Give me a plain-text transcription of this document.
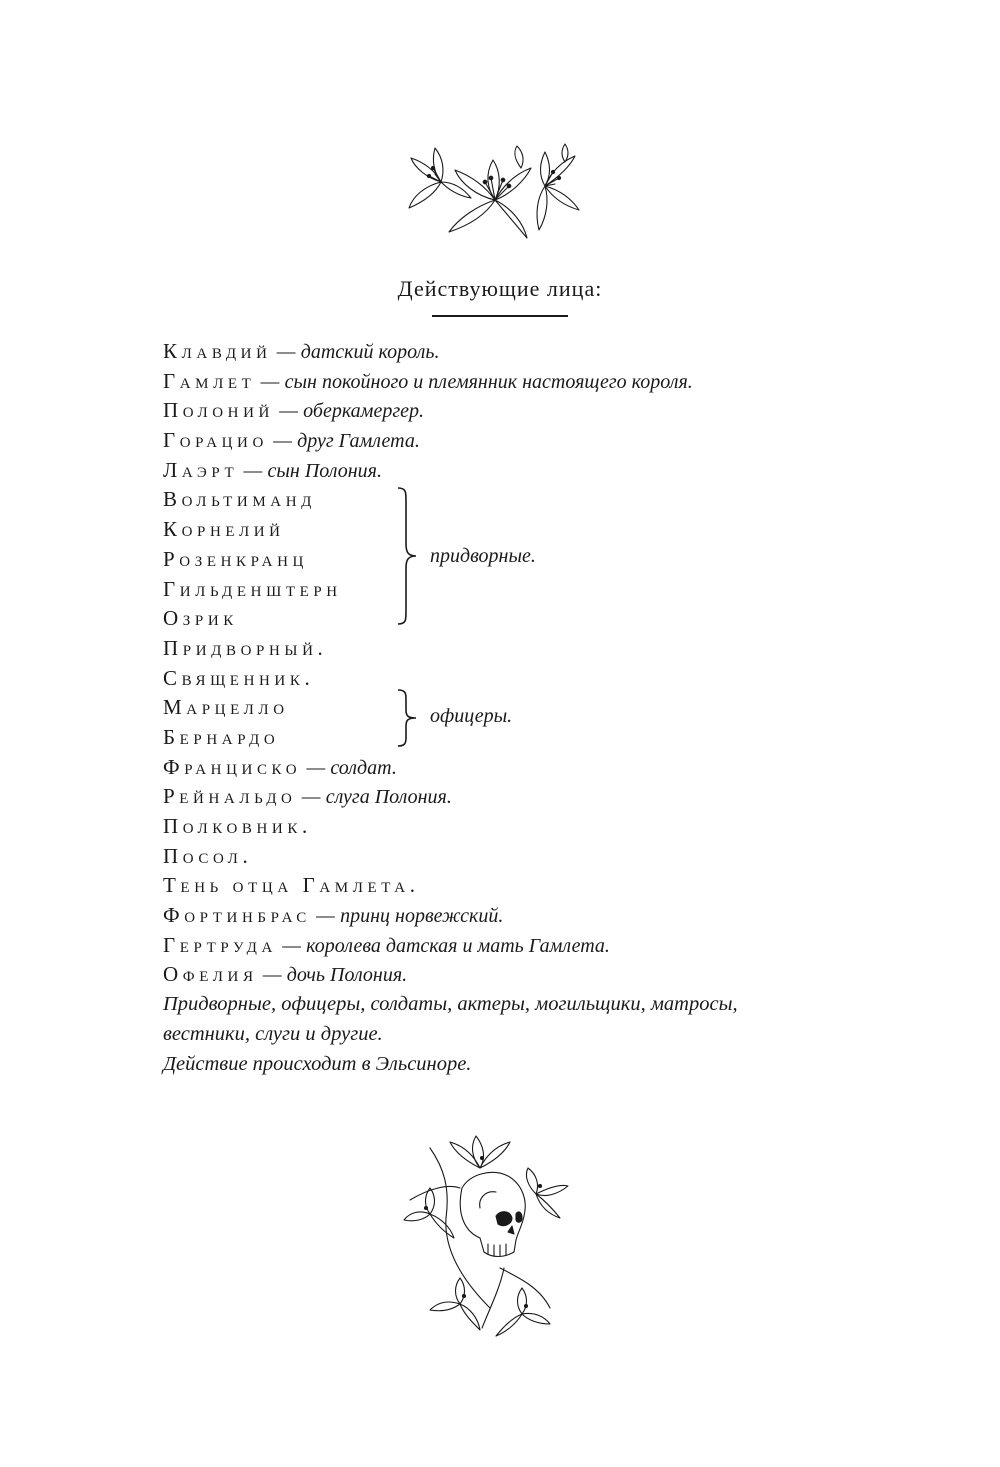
Действующие лица:
Клавдий — датский король.
Гамлет — сын покойного и племянник настоящего короля.
Полоний — оберкамергер.
Горацио — друг Гамлета.
Лаэрт — сын Полония.
Вольтиманд
Корнелий
Розенкранц
Гильденштерн
Озрик
Придворный.
Священник.
Марцелло
Бернардо
Франциско — солдат.
Рейнальдо — слуга Полония.
Полковник.
Посол.
Тень отца Гамлета.
Фортинбрас — принц норвежский.
Гертруда — королева датская и мать Гамлета.
Офелия — дочь Полония.
Придворные, офицеры, солдаты, актеры, могильщики, матросы,
вестники, слуги и другие.
Действие происходит в Эльсиноре.
придворные.
офицеры.
